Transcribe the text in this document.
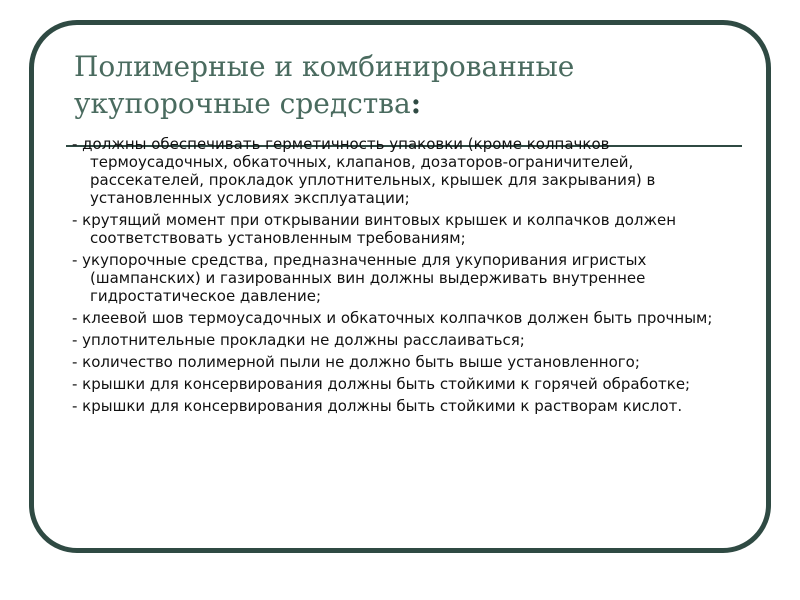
Полимерные и комбинированные укупорочные средства:
- должны обеспечивать герметичность упаковки (кроме колпачков термоусадочных, обкаточных, клапанов, дозаторов-ограничителей, рассекателей, прокладок уплотнительных, крышек для закрывания) в установленных условиях эксплуатации;
- крутящий момент при открывании винтовых крышек и колпачков должен соответствовать установленным требованиям;
- укупорочные средства, предназначенные для укупоривания игристых (шампанских) и газированных вин должны выдерживать внутреннее гидростатическое давление;
- клеевой шов термоусадочных и обкаточных колпачков должен быть прочным;
- уплотнительные прокладки не должны расслаиваться;
- количество полимерной пыли не должно быть выше установленного;
- крышки для консервирования должны быть стойкими к горячей обработке;
- крышки для консервирования должны быть стойкими к растворам кислот.
